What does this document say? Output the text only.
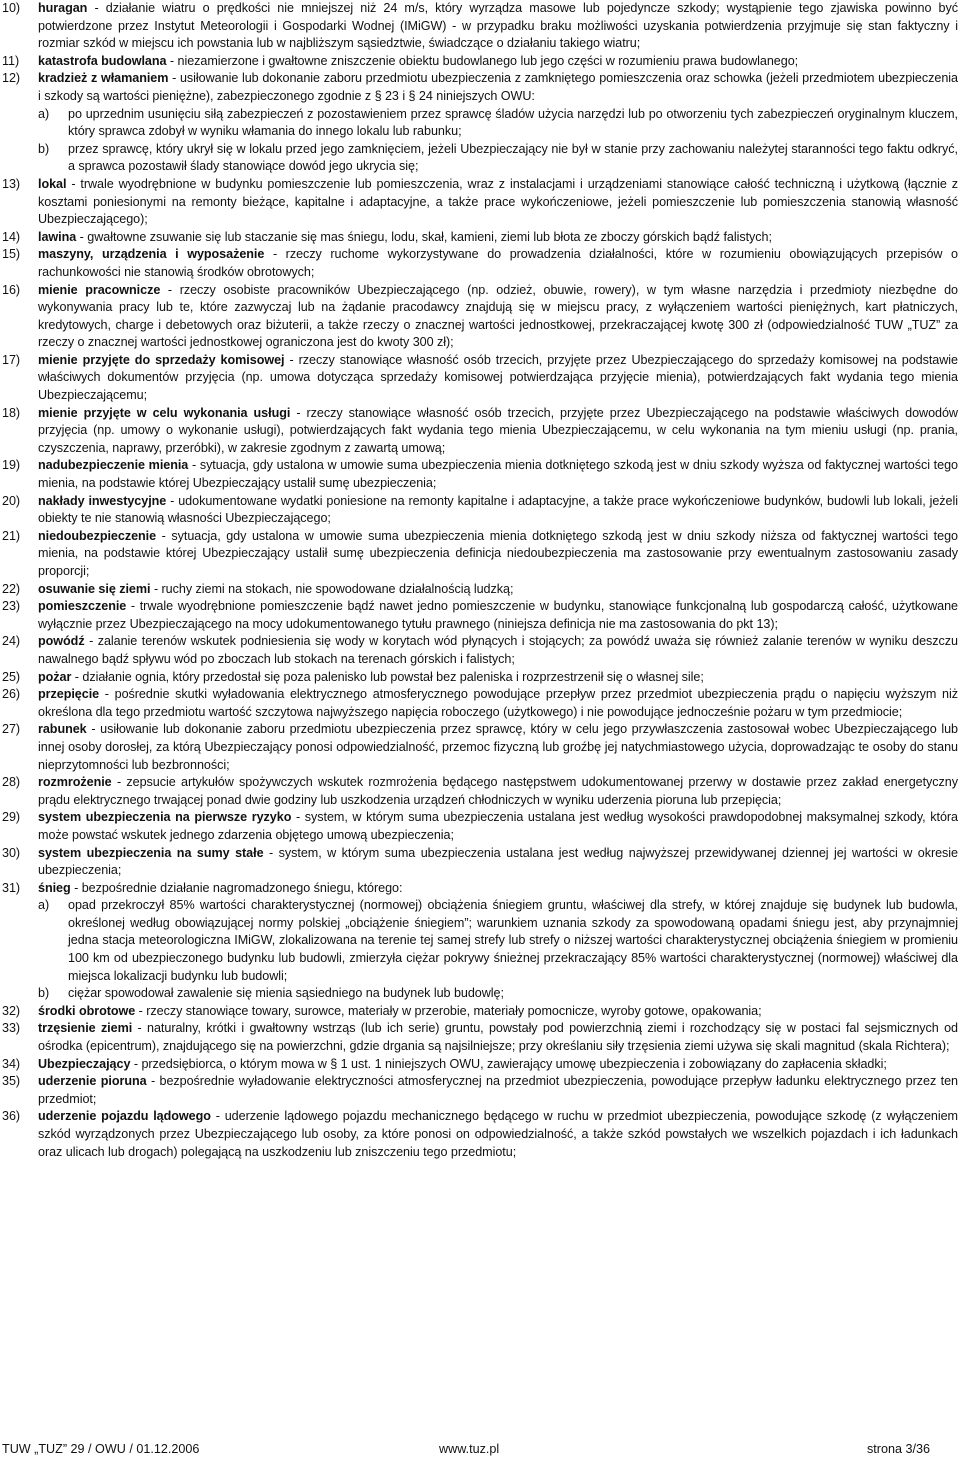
10) huragan - działanie wiatru o prędkości nie mniejszej niż 24 m/s, który wyrządza masowe lub pojedyncze szkody; wystąpienie tego zjawiska powinno być potwierdzone przez Instytut Meteorologii i Gospodarki Wodnej (IMiGW) - w przypadku braku możliwości uzyskania potwierdzenia przyjmuje się stan faktyczny i rozmiar szkód w miejscu ich powstania lub w najbliższym sąsiedztwie, świadczące o działaniu takiego wiatru;
11) katastrofa budowlana - niezamierzone i gwałtowne zniszczenie obiektu budowlanego lub jego części w rozumieniu prawa budowlanego;
12) kradzież z włamaniem - usiłowanie lub dokonanie zaboru przedmiotu ubezpieczenia z zamkniętego pomieszczenia oraz schowka (jeżeli przedmiotem ubezpieczenia i szkody są wartości pieniężne), zabezpieczonego zgodnie z § 23 i § 24 niniejszych OWU:
a) po uprzednim usunięciu siłą zabezpieczeń z pozostawieniem przez sprawcę śladów użycia narzędzi lub po otworzeniu tych zabezpieczeń oryginalnym kluczem, który sprawca zdobył w wyniku włamania do innego lokalu lub rabunku;
b) przez sprawcę, który ukrył się w lokalu przed jego zamknięciem, jeżeli Ubezpieczający nie był w stanie przy zachowaniu należytej staranności tego faktu odkryć, a sprawca pozostawił ślady stanowiące dowód jego ukrycia się;
13) lokal - trwale wyodrębnione w budynku pomieszczenie lub pomieszczenia, wraz z instalacjami i urządzeniami stanowiące całość techniczną i użytkową (łącznie z kosztami poniesionymi na remonty bieżące, kapitalne i adaptacyjne, a także prace wykończeniowe, jeżeli pomieszczenie lub pomieszczenia stanowią własność Ubezpieczającego);
14) lawina - gwałtowne zsuwanie się lub staczanie się mas śniegu, lodu, skał, kamieni, ziemi lub błota ze zboczy górskich bądź falistych;
15) maszyny, urządzenia i wyposażenie - rzeczy ruchome wykorzystywane do prowadzenia działalności, które w rozumieniu obowiązujących przepisów o rachunkowości nie stanowią środków obrotowych;
16) mienie pracownicze - rzeczy osobiste pracowników Ubezpieczającego (np. odzież, obuwie, rowery), w tym własne narzędzia i przedmioty niezbędne do wykonywania pracy lub te, które zazwyczaj lub na żądanie pracodawcy znajdują się w miejscu pracy, z wyłączeniem wartości pieniężnych, kart płatniczych, kredytowych, charge i debetowych oraz biżuterii, a także rzeczy o znacznej wartości jednostkowej, przekraczającej kwotę 300 zł (odpowiedzialność TUW „TUZ” za rzeczy o znacznej wartości jednostkowej ograniczona jest do kwoty 300 zł);
17) mienie przyjęte do sprzedaży komisowej - rzeczy stanowiące własność osób trzecich, przyjęte przez Ubezpieczającego do sprzedaży komisowej na podstawie właściwych dokumentów przyjęcia (np. umowa dotycząca sprzedaży komisowej potwierdzająca przyjęcie mienia), potwierdzających fakt wydania tego mienia Ubezpieczającemu;
18) mienie przyjęte w celu wykonania usługi - rzeczy stanowiące własność osób trzecich, przyjęte przez Ubezpieczającego na podstawie właściwych dowodów przyjęcia (np. umowy o wykonanie usługi), potwierdzających fakt wydania tego mienia Ubezpieczającemu, w celu wykonania na tym mieniu usługi (np. prania, czyszczenia, naprawy, przeróbki), w zakresie zgodnym z zawartą umową;
19) nadubezpieczenie mienia - sytuacja, gdy ustalona w umowie suma ubezpieczenia mienia dotkniętego szkodą jest w dniu szkody wyższa od faktycznej wartości tego mienia, na podstawie której Ubezpieczający ustalił sumę ubezpieczenia;
20) nakłady inwestycyjne - udokumentowane wydatki poniesione na remonty kapitalne i adaptacyjne, a także prace wykończeniowe budynków, budowli lub lokali, jeżeli obiekty te nie stanowią własności Ubezpieczającego;
21) niedoubezpieczenie - sytuacja, gdy ustalona w umowie suma ubezpieczenia mienia dotkniętego szkodą jest w dniu szkody niższa od faktycznej wartości tego mienia, na podstawie której Ubezpieczający ustalił sumę ubezpieczenia definicja niedoubezpieczenia ma zastosowanie przy ewentualnym zastosowaniu zasady proporcji;
22) osuwanie się ziemi - ruchy ziemi na stokach, nie spowodowane działalnością ludzką;
23) pomieszczenie - trwale wyodrębnione pomieszczenie bądź nawet jedno pomieszczenie w budynku, stanowiące funkcjonalną lub gospodarczą całość, użytkowane wyłącznie przez Ubezpieczającego na mocy udokumentowanego tytułu prawnego (niniejsza definicja nie ma zastosowania do pkt 13);
24) powódź - zalanie terenów wskutek podniesienia się wody w korytach wód płynących i stojących; za powódź uważa się również zalanie terenów w wyniku deszczu nawalnego bądź spływu wód po zboczach lub stokach na terenach górskich i falistych;
25) pożar - działanie ognia, który przedostał się poza palenisko lub powstał bez paleniska i rozprzestrzenił się o własnej sile;
26) przepięcie - pośrednie skutki wyładowania elektrycznego atmosferycznego powodujące przepływ przez przedmiot ubezpieczenia prądu o napięciu wyższym niż określona dla tego przedmiotu wartość szczytowa najwyższego napięcia roboczego (użytkowego) i nie powodujące jednocześnie pożaru w tym przedmiocie;
27) rabunek - usiłowanie lub dokonanie zaboru przedmiotu ubezpieczenia przez sprawcę, który w celu jego przywłaszczenia zastosował wobec Ubezpieczającego lub innej osoby dorosłej, za którą Ubezpieczający ponosi odpowiedzialność, przemoc fizyczną lub groźbę jej natychmiastowego użycia, doprowadzając te osoby do stanu nieprzytomności lub bezbronności;
28) rozmrożenie - zepsucie artykułów spożywczych wskutek rozmrożenia będącego następstwem udokumentowanej przerwy w dostawie przez zakład energetyczny prądu elektrycznego trwającej ponad dwie godziny lub uszkodzenia urządzeń chłodniczych w wyniku uderzenia pioruna lub przepięcia;
29) system ubezpieczenia na pierwsze ryzyko - system, w którym suma ubezpieczenia ustalana jest według wysokości prawdopodobnej maksymalnej szkody, która może powstać wskutek jednego zdarzenia objętego umową ubezpieczenia;
30) system ubezpieczenia na sumy stałe - system, w którym suma ubezpieczenia ustalana jest według najwyższej przewidywanej dziennej jej wartości w okresie ubezpieczenia;
31) śnieg - bezpośrednie działanie nagromadzonego śniegu, którego:
a) opad przekroczył 85% wartości charakterystycznej (normowej) obciążenia śniegiem gruntu, właściwej dla strefy, w której znajduje się budynek lub budowla, określonej według obowiązującej normy polskiej „obciążenie śniegiem”; warunkiem uznania szkody za spowodowaną opadami śniegu jest, aby przynajmniej jedna stacja meteorologiczna IMiGW, zlokalizowana na terenie tej samej strefy lub strefy o niższej wartości charakterystycznej obciążenia śniegiem w promieniu 100 km od ubezpieczonego budynku lub budowli, zmierzyła ciężar pokrywy śnieżnej przekraczający 85% wartości charakterystycznej (normowej) właściwej dla miejsca lokalizacji budynku lub budowli;
b) ciężar spowodował zawalenie się mienia sąsiedniego na budynek lub budowlę;
32) środki obrotowe - rzeczy stanowiące towary, surowce, materiały w przerobie, materiały pomocnicze, wyroby gotowe, opakowania;
33) trzęsienie ziemi - naturalny, krótki i gwałtowny wstrząs (lub ich serie) gruntu, powstały pod powierzchnią ziemi i rozchodzący się w postaci fal sejsmicznych od ośrodka (epicentrum), znajdującego się na powierzchni, gdzie drgania są najsilniejsze; przy określaniu siły trzęsienia ziemi używa się skali magnitud (skala Richtera);
34) Ubezpieczający - przedsiębiorca, o którym mowa w § 1 ust. 1 niniejszych OWU, zawierający umowę ubezpieczenia i zobowiązany do zapłacenia składki;
35) uderzenie pioruna - bezpośrednie wyładowanie elektryczności atmosferycznej na przedmiot ubezpieczenia, powodujące przepływ ładunku elektrycznego przez ten przedmiot;
36) uderzenie pojazdu lądowego - uderzenie lądowego pojazdu mechanicznego będącego w ruchu w przedmiot ubezpieczenia, powodujące szkodę (z wyłączeniem szkód wyrządzonych przez Ubezpieczającego lub osoby, za które ponosi on odpowiedzialność, a także szkód powstałych we wszelkich pojazdach i ich ładunkach oraz ulicach lub drogach) polegającą na uszkodzeniu lub zniszczeniu tego przedmiotu;
TUW „TUZ” 29 / OWU / 01.12.2006	www.tuz.pl	strona 3/36
